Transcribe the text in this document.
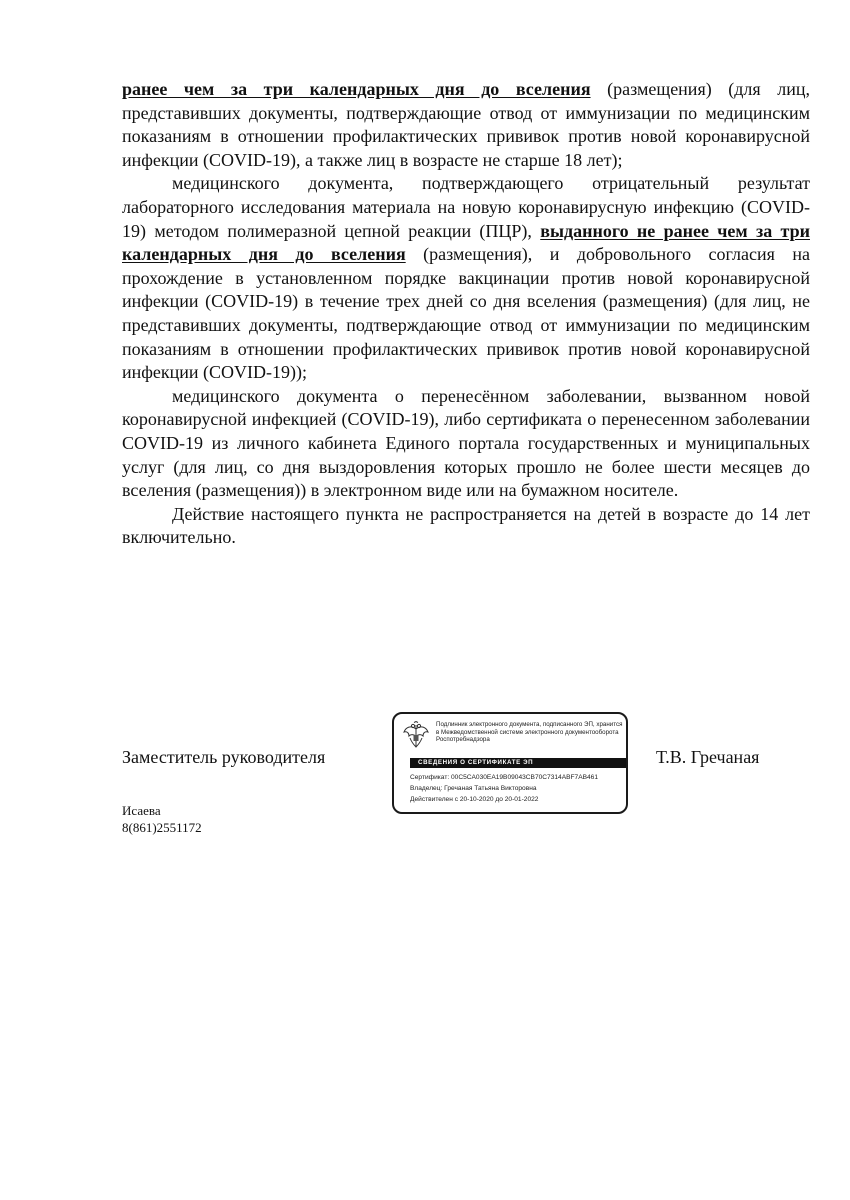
ранее чем за три календарных дня до вселения (размещения) (для лиц, представивших документы, подтверждающие отвод от иммунизации по медицинским показаниям в отношении профилактических прививок против новой коронавирусной инфекции (COVID-19), а также лиц в возрасте не старше 18 лет);

медицинского документа, подтверждающего отрицательный результат лабораторного исследования материала на новую коронавирусную инфекцию (COVID-19) методом полимеразной цепной реакции (ПЦР), выданного не ранее чем за три календарных дня до вселения (размещения), и добровольного согласия на прохождение в установленном порядке вакцинации против новой коронавирусной инфекции (COVID-19) в течение трех дней со дня вселения (размещения) (для лиц, не представивших документы, подтверждающие отвод от иммунизации по медицинским показаниям в отношении профилактических прививок против новой коронавирусной инфекции (COVID-19));

медицинского документа о перенесённом заболевании, вызванном новой коронавирусной инфекцией (COVID-19), либо сертификата о перенесенном заболевании COVID-19 из личного кабинета Единого портала государственных и муниципальных услуг (для лиц, со дня выздоровления которых прошло не более шести месяцев до вселения (размещения)) в электронном виде или на бумажном носителе.

Действие настоящего пункта не распространяется на детей в возрасте до 14 лет включительно.

Заместитель руководителя
Подлинник электронного документа, подписанного ЭП, хранится в Межведомственной системе электронного документооборота Роспотребнадзора
СВЕДЕНИЯ О СЕРТИФИКАТЕ ЭП
Сертификат: 00C5CA030EA19B09043CB70C7314ABF7AB461
Владелец: Гречаная Татьяна Викторовна
Действителен с 20-10-2020 до 20-01-2022
Т.В. Гречаная
Исаева
8(861)2551172
